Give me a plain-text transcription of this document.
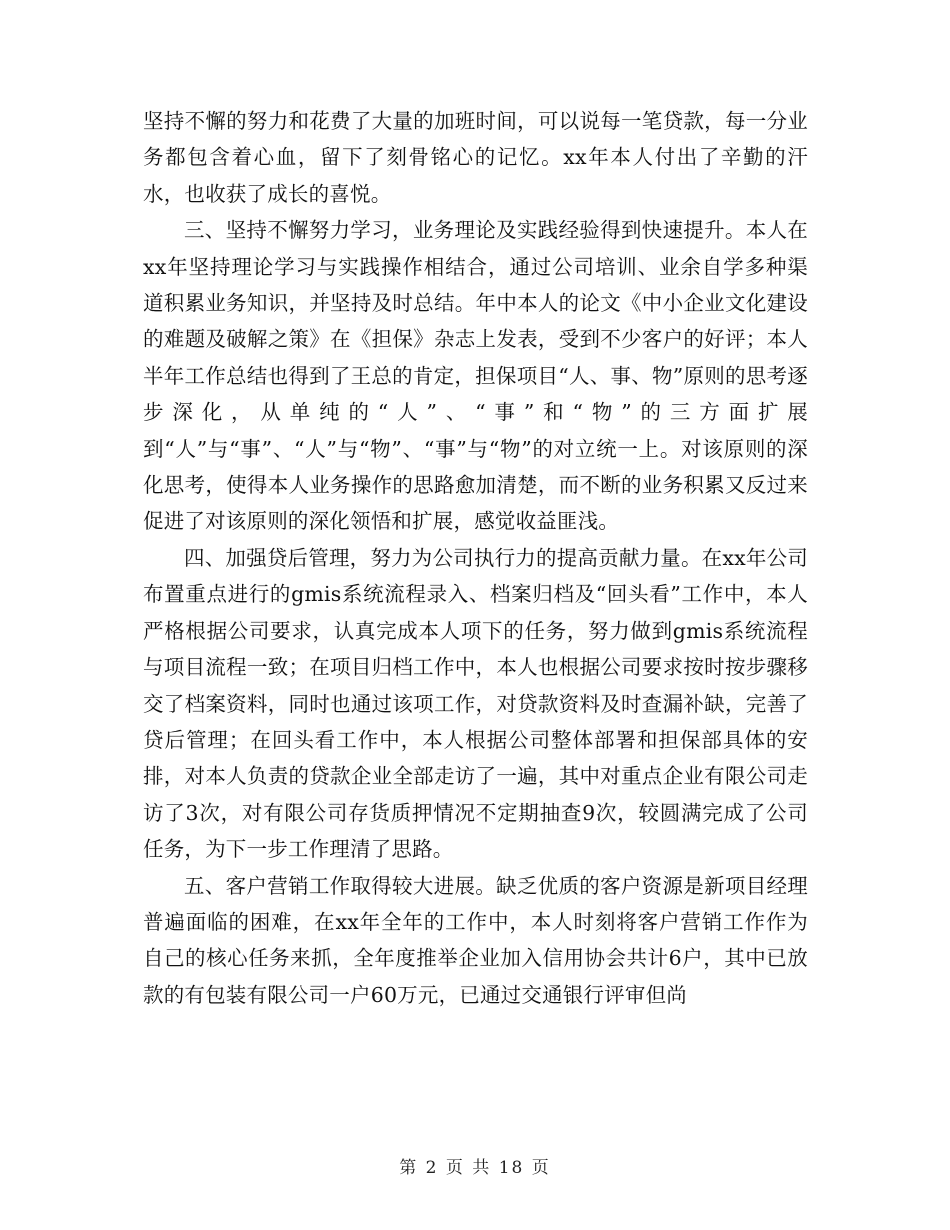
坚持不懈的努力和花费了大量的加班时间，可以说每一笔贷款，每一分业务都包含着心血，留下了刻骨铭心的记忆。xx年本人付出了辛勤的汗水，也收获了成长的喜悦。

三、坚持不懈努力学习，业务理论及实践经验得到快速提升。本人在xx年坚持理论学习与实践操作相结合，通过公司培训、业余自学多种渠道积累业务知识，并坚持及时总结。年中本人的论文《中小企业文化建设的难题及破解之策》在《担保》杂志上发表，受到不少客户的好评；本人半年工作总结也得到了王总的肯定，担保项目“人、事、物”原则的思考逐步深化，从单纯的“人”、“事”和“物”的三方面扩展到“人”与“事”、“人”与“物”、“事”与“物”的对立统一上。对该原则的深化思考，使得本人业务操作的思路愈加清楚，而不断的业务积累又反过来促进了对该原则的深化领悟和扩展，感觉收益匪浅。

四、加强贷后管理，努力为公司执行力的提高贡献力量。在xx年公司布置重点进行的gmis系统流程录入、档案归档及“回头看”工作中，本人严格根据公司要求，认真完成本人项下的任务，努力做到gmis系统流程与项目流程一致；在项目归档工作中，本人也根据公司要求按时按步骤移交了档案资料，同时也通过该项工作，对贷款资料及时查漏补缺，完善了贷后管理；在回头看工作中，本人根据公司整体部署和担保部具体的安排，对本人负责的贷款企业全部走访了一遍，其中对重点企业有限公司走访了3次，对有限公司存货质押情况不定期抽查9次，较圆满完成了公司任务，为下一步工作理清了思路。

五、客户营销工作取得较大进展。缺乏优质的客户资源是新项目经理普遍面临的困难，在xx年全年的工作中，本人时刻将客户营销工作作为自己的核心任务来抓，全年度推举企业加入信用协会共计6户，其中已放款的有包装有限公司一户60万元，已通过交通银行评审但尚

第 2 页 共 18 页
